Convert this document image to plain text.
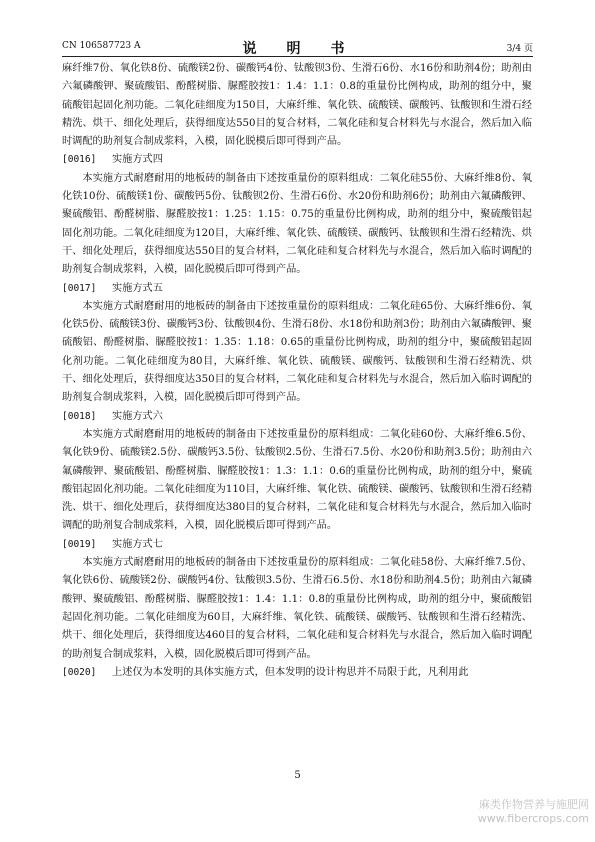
CN 106587723 A	说　明　书	3/4 页

麻纤维7份、氧化铁8份、硫酸镁2份、碳酸钙4份、钛酸钡3份、生滑石6份、水16份和助剂4份；助剂由六氟磷酸钾、聚硫酸铝、酚醛树脂、脲醛胶按1：1.4：1.1：0.8的重量份比例构成，助剂的组分中，聚硫酸铝起固化剂功能。二氧化硅细度为150目，大麻纤维、氧化铁、硫酸镁、碳酸钙、钛酸钡和生滑石经精洗、烘干、细化处理后，获得细度达550目的复合材料，二氧化硅和复合材料先与水混合，然后加入临时调配的助剂复合制成浆料，入模，固化脱模后即可得到产品。

[0016]	实施方式四

本实施方式耐磨耐用的地板砖的制备由下述按重量份的原料组成：二氧化硅55份、大麻纤维8份、氧化铁10份、硫酸镁1份、碳酸钙5份、钛酸钡2份、生滑石6份、水20份和助剂6份；助剂由六氟磷酸钾、聚硫酸铝、酚醛树脂、脲醛胶按1：1.25：1.15：0.75的重量份比例构成，助剂的组分中，聚硫酸铝起固化剂功能。二氧化硅细度为120目，大麻纤维、氧化铁、硫酸镁、碳酸钙、钛酸钡和生滑石经精洗、烘干、细化处理后，获得细度达550目的复合材料，二氧化硅和复合材料先与水混合，然后加入临时调配的助剂复合制成浆料，入模，固化脱模后即可得到产品。

[0017]	实施方式五

本实施方式耐磨耐用的地板砖的制备由下述按重量份的原料组成：二氧化硅65份、大麻纤维6份、氧化铁5份、硫酸镁3份、碳酸钙3份、钛酸钡4份、生滑石8份、水18份和助剂3份；助剂由六氟磷酸钾、聚硫酸铝、酚醛树脂、脲醛胶按1：1.35：1.18：0.65的重量份比例构成，助剂的组分中，聚硫酸铝起固化剂功能。二氧化硅细度为80目，大麻纤维、氧化铁、硫酸镁、碳酸钙、钛酸钡和生滑石经精洗、烘干、细化处理后，获得细度达350目的复合材料，二氧化硅和复合材料先与水混合，然后加入临时调配的助剂复合制成浆料，入模，固化脱模后即可得到产品。

[0018]	实施方式六

本实施方式耐磨耐用的地板砖的制备由下述按重量份的原料组成：二氧化硅60份、大麻纤维6.5份、氧化铁9份、硫酸镁2.5份、碳酸钙3.5份、钛酸钡2.5份、生滑石7.5份、水20份和助剂3.5份；助剂由六氟磷酸钾、聚硫酸铝、酚醛树脂、脲醛胶按1：1.3：1.1：0.6的重量份比例构成，助剂的组分中，聚硫酸铝起固化剂功能。二氧化硅细度为110目，大麻纤维、氧化铁、硫酸镁、碳酸钙、钛酸钡和生滑石经精洗、烘干、细化处理后，获得细度达380目的复合材料，二氧化硅和复合材料先与水混合，然后加入临时调配的助剂复合制成浆料，入模，固化脱模后即可得到产品。

[0019]	实施方式七

本实施方式耐磨耐用的地板砖的制备由下述按重量份的原料组成：二氧化硅58份、大麻纤维7.5份、氧化铁6份、硫酸镁2份、碳酸钙4份、钛酸钡3.5份、生滑石6.5份、水18份和助剂4.5份；助剂由六氟磷酸钾、聚硫酸铝、酚醛树脂、脲醛胶按1：1.4：1.1：0.8的重量份比例构成，助剂的组分中，聚硫酸铝起固化剂功能。二氧化硅细度为60目，大麻纤维、氧化铁、硫酸镁、碳酸钙、钛酸钡和生滑石经精洗、烘干、细化处理后，获得细度达460目的复合材料，二氧化硅和复合材料先与水混合，然后加入临时调配的助剂复合制成浆料，入模，固化脱模后即可得到产品。

[0020]	上述仅为本发明的具体实施方式，但本发明的设计构思并不局限于此，凡利用此
5
麻类作物营养与施肥网
www.fibercrops.com
